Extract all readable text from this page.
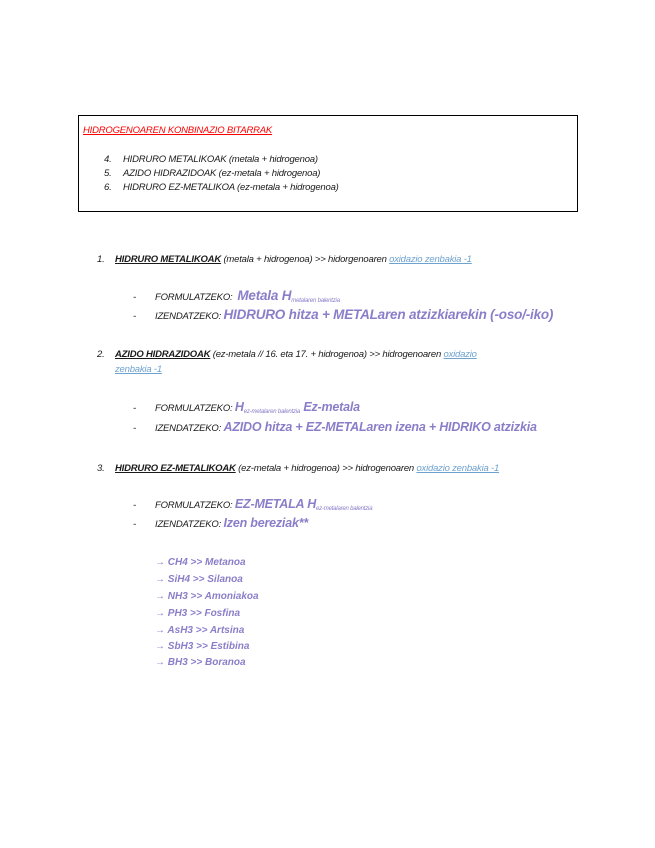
HIDROGENOAREN KONBINAZIO BITARRAK
4. HIDRURO METALIKOAK (metala + hidrogenoa)
5. AZIDO HIDRAZIDOAK (ez-metala + hidrogenoa)
6. HIDRURO EZ-METALIKOA (ez-metala + hidrogenoa)
1. HIDRURO METALIKOAK (metala + hidrogenoa) >> hidorgenoaren oxidazio zenbakia -1
- FORMULATZEKO: Metala $H_{metalaren balentzia}$
- IZENDATZEKO: HIDRURO hitza + METALaren atzizkiarekin (-oso/-iko)
2. AZIDO HIDRAZIDOAK (ez-metala // 16. eta 17. + hidrogenoa) >> hidrogenoaren oxidazio
zenbakia -1
- FORMULATZEKO: $H_{ez-metalaren balentzia}$ Ez-metala
- IZENDATZEKO: AZIDO hitza + EZ-METALaren izena + HIDRIKO atzizkia
3. HIDRURO EZ-METALIKOAK (ez-metala + hidrogenoa) >> hidrogenoaren oxidazio zenbakia -1
- FORMULATZEKO: EZ-METALA $H_{ez-metalaren balentzia}$
- IZENDATZEKO: Izen bereziak**
→ CH4 >> Metanoa
→ SiH4 >> Silanoa
→ NH3 >> Amoniakoa
→ PH3 >> Fosfina
→ AsH3 >> Artsina
→ SbH3 >> Estibina
→ BH3 >> Boranoa
